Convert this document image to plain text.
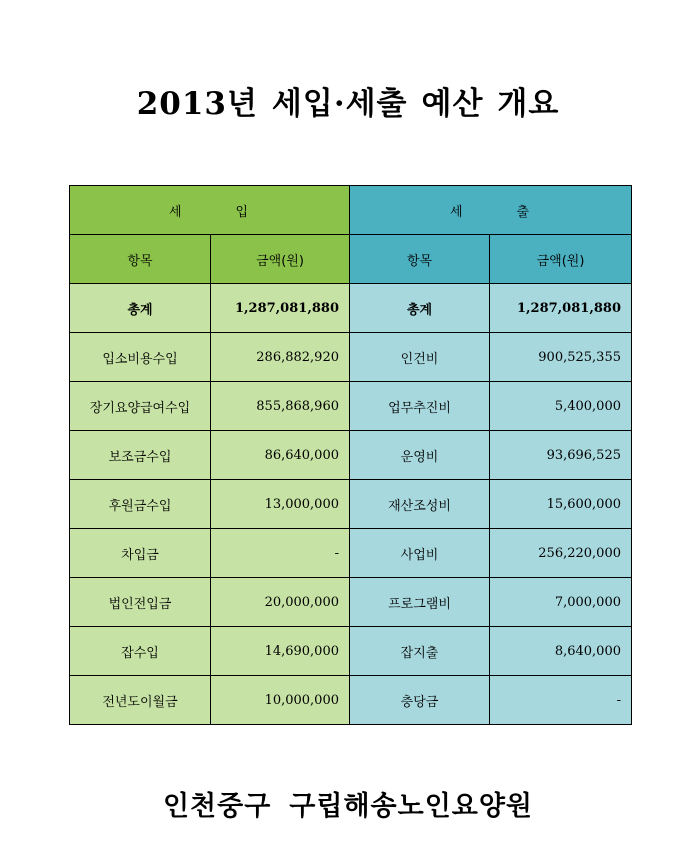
2013년 세입·세출 예산 개요
세 입		세 출	
항목	금액(원)	항목	금액(원)
총계	1,287,081,880	총계	1,287,081,880
입소비용수입	286,882,920	인건비	900,525,355
장기요양급여수입	855,868,960	업무추진비	5,400,000
보조금수입	86,640,000	운영비	93,696,525
후원금수입	13,000,000	재산조성비	15,600,000
차입금	-	사업비	256,220,000
법인전입금	20,000,000	프로그램비	7,000,000
잡수입	14,690,000	잡지출	8,640,000
전년도이월금	10,000,000	충당금	-
인천중구 구립해송노인요양원
